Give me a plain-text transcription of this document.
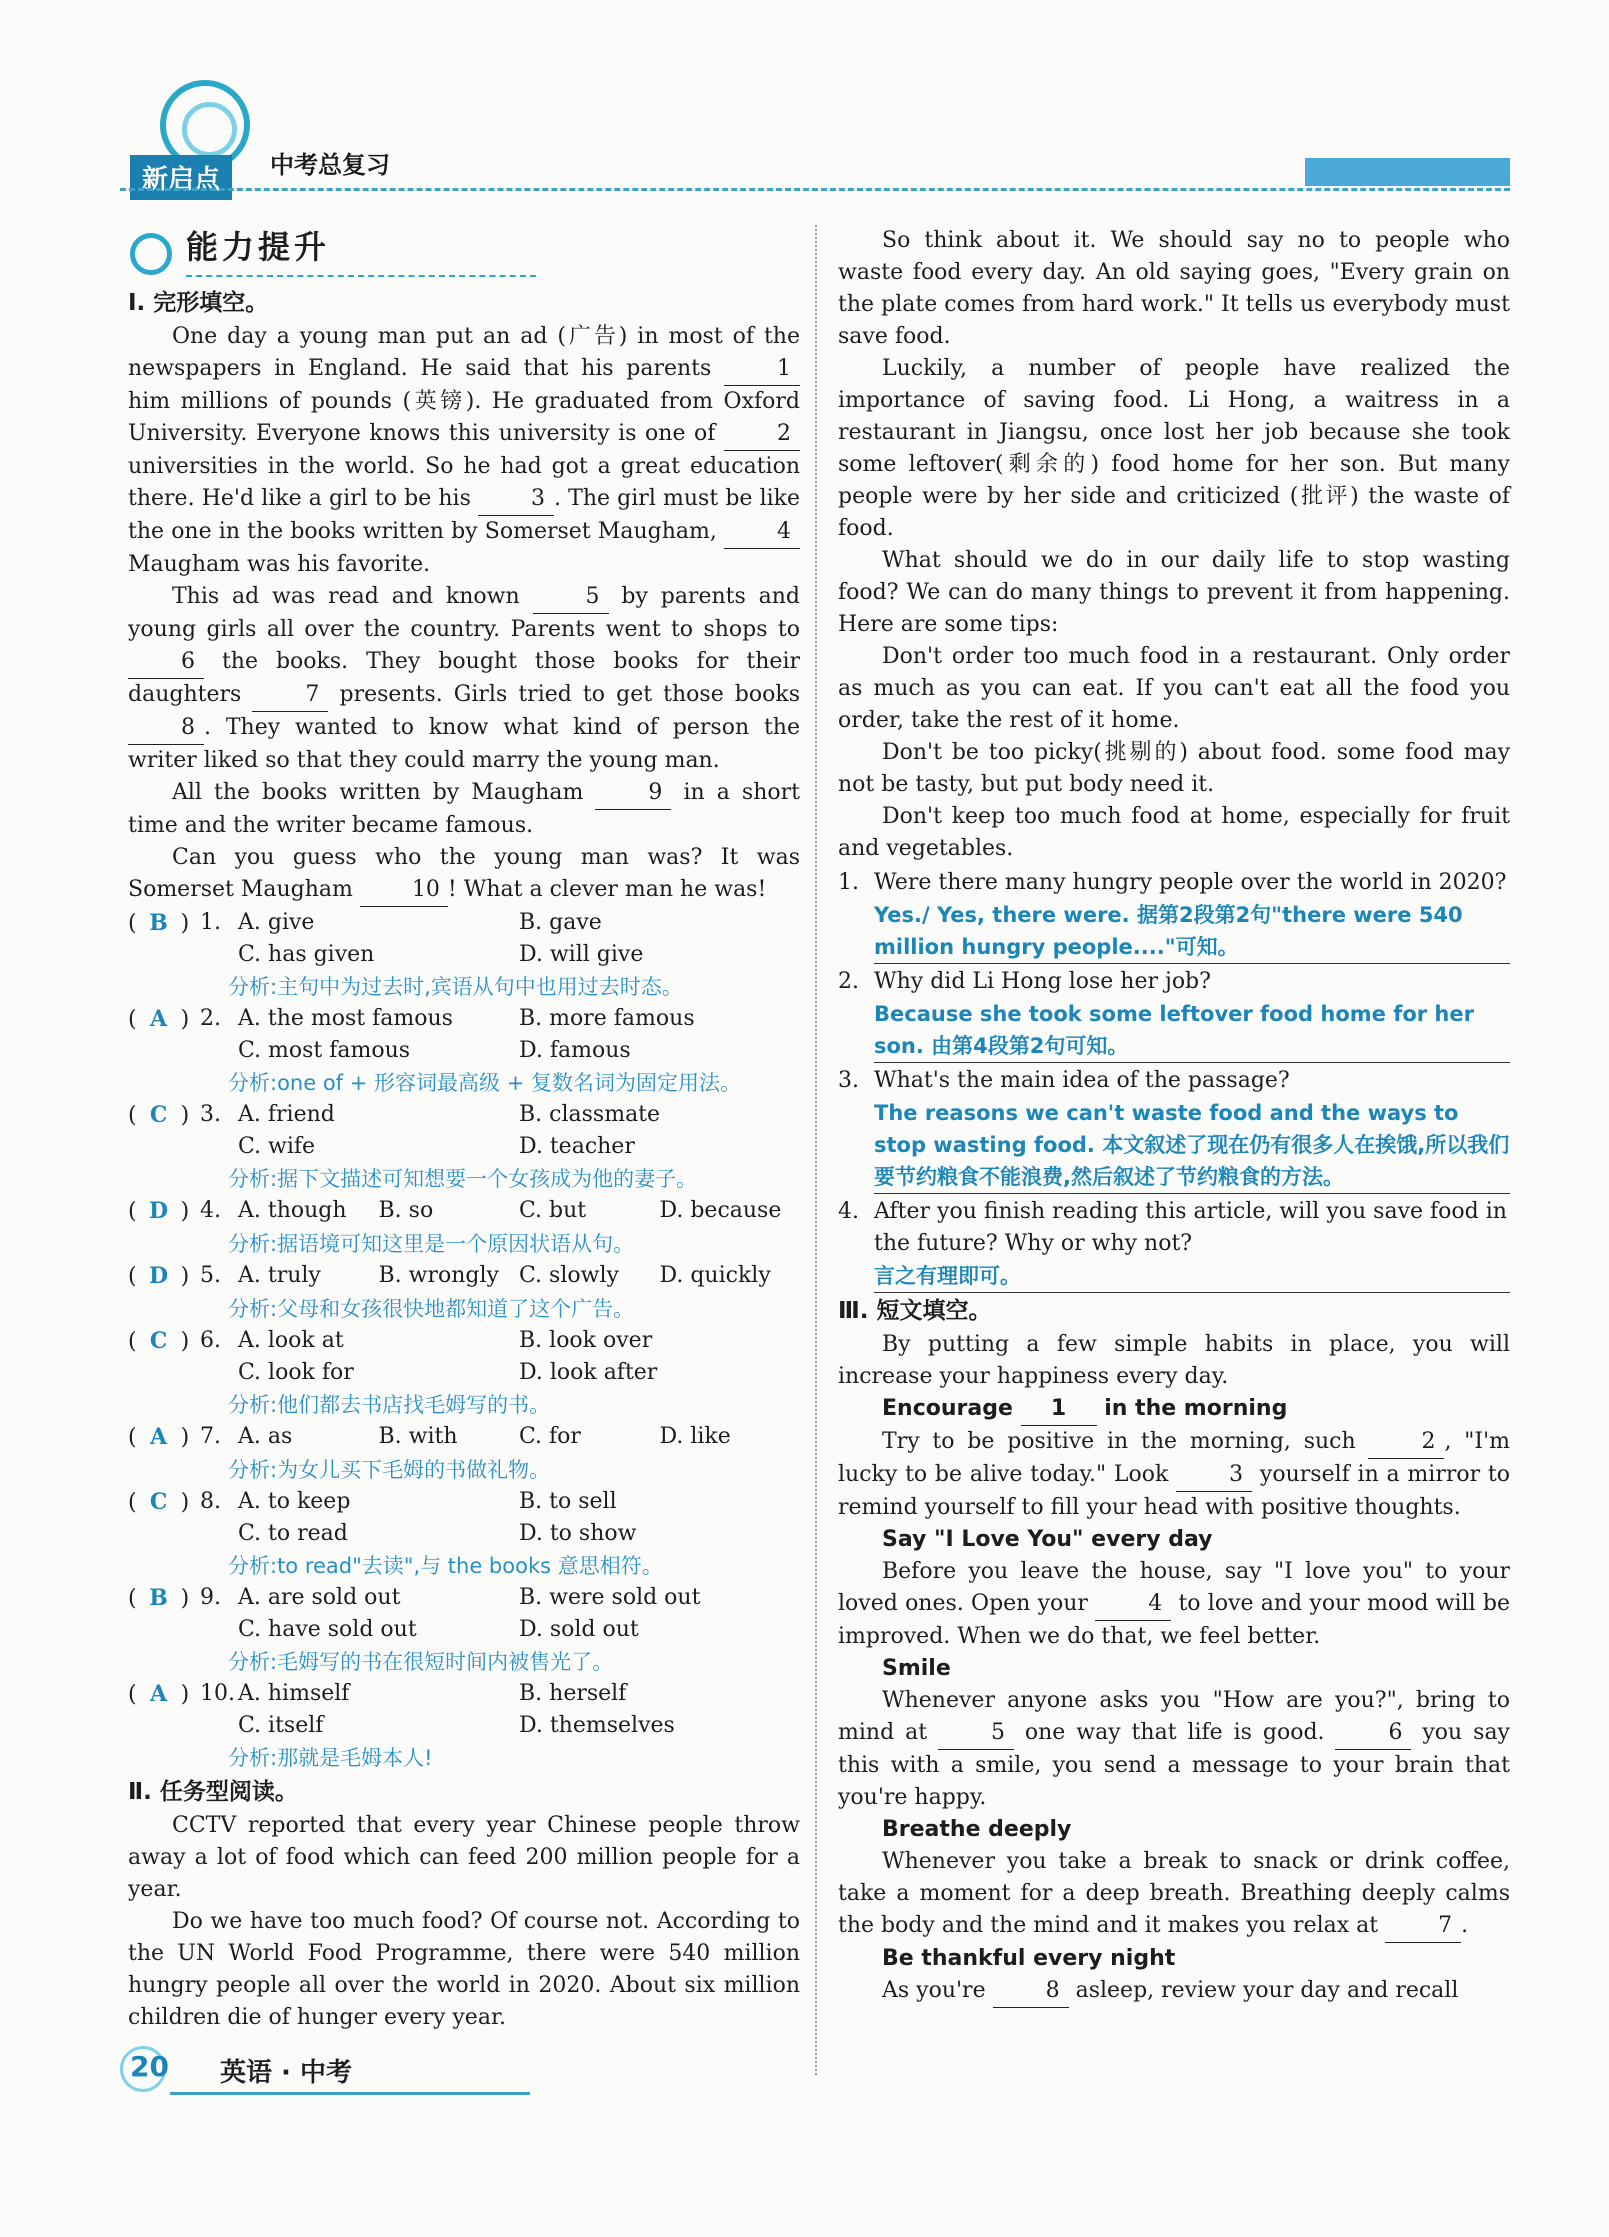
新启点	中考总复习
能力提升
Ⅰ. 完形填空。

One day a young man put an ad (广告) in most of the newspapers in England. He said that his parents 1 him millions of pounds (英镑). He graduated from Oxford University. Everyone knows this university is one of 2 universities in the world. So he had got a great education there. He'd like a girl to be his 3 . The girl must be like the one in the books written by Somerset Maugham, 4 Maugham was his favorite.

This ad was read and known 5 by parents and young girls all over the country. Parents went to shops to 6 the books. They bought those books for their daughters 7 presents. Girls tried to get those books 8 . They wanted to know what kind of person the writer liked so that they could marry the young man.

All the books written by Maugham 9 in a short time and the writer became famous.

Can you guess who the young man was? It was Somerset Maugham 10 ! What a clever man he was!

( B ) 1. A. give	B. gave
C. has given	D. will give
分析:主句中为过去时,宾语从句中也用过去时态。
( A ) 2. A. the most famous	B. more famous
C. most famous	D. famous
分析:one of + 形容词最高级 + 复数名词为固定用法。
( C ) 3. A. friend	B. classmate
C. wife	D. teacher
分析:据下文描述可知想要一个女孩成为他的妻子。
( D ) 4. A. though	B. so	C. but	D. because
分析:据语境可知这里是一个原因状语从句。
( D ) 5. A. truly	B. wrongly C. slowly	D. quickly
分析:父母和女孩很快地都知道了这个广告。
( C ) 6. A. look at	B. look over
C. look for	D. look after
分析:他们都去书店找毛姆写的书。
( A ) 7. A. as	B. with	C. for	D. like
分析:为女儿买下毛姆的书做礼物。
( C ) 8. A. to keep	B. to sell
C. to read	D. to show
分析:to read"去读",与 the books 意思相符。
( B ) 9. A. are sold out	B. were sold out
C. have sold out	D. sold out
分析:毛姆写的书在很短时间内被售光了。
( A ) 10. A. himself	B. herself
C. itself	D. themselves
分析:那就是毛姆本人!
Ⅱ. 任务型阅读。

CCTV reported that every year Chinese people throw away a lot of food which can feed 200 million people for a year.

Do we have too much food? Of course not. According to the UN World Food Programme, there were 540 million hungry people all over the world in 2020. About six million children die of hunger every year.

So think about it. We should say no to people who waste food every day. An old saying goes, "Every grain on the plate comes from hard work." It tells us everybody must save food.

Luckily, a number of people have realized the importance of saving food. Li Hong, a waitress in a restaurant in Jiangsu, once lost her job because she took some leftover(剩余的) food home for her son. But many people were by her side and criticized (批评) the waste of food.

What should we do in our daily life to stop wasting food? We can do many things to prevent it from happening. Here are some tips:

Don't order too much food in a restaurant. Only order as much as you can eat. If you can't eat all the food you order, take the rest of it home.

Don't be too picky(挑剔的) about food. some food may not be tasty, but put body need it.

Don't keep too much food at home, especially for fruit and vegetables.

1. Were there many hungry people over the world in 2020?
Yes./ Yes, there were. 据第2段第2句"there were 540 million hungry people...."可知。
2. Why did Li Hong lose her job?
Because she took some leftover food home for her son. 由第4段第2句可知。
3. What's the main idea of the passage?
The reasons we can't waste food and the ways to stop wasting food. 本文叙述了现在仍有很多人在挨饿,所以我们要节约粮食不能浪费,然后叙述了节约粮食的方法。
4. After you finish reading this article, will you save food in the future? Why or why not?
言之有理即可。
Ⅲ. 短文填空。

By putting a few simple habits in place, you will increase your happiness every day.

Encourage 1 in the morning

Try to be positive in the morning, such 2 , "I'm lucky to be alive today." Look 3 yourself in a mirror to remind yourself to fill your head with positive thoughts.

Say "I Love You" every day

Before you leave the house, say "I love you" to your loved ones. Open your 4 to love and your mood will be improved. When we do that, we feel better.

Smile

Whenever anyone asks you "How are you?", bring to mind at 5 one way that life is good. 6 you say this with a smile, you send a message to your brain that you're happy.

Breathe deeply

Whenever you take a break to snack or drink coffee, take a moment for a deep breath. Breathing deeply calms the body and the mind and it makes you relax at 7 .

Be thankful every night

As you're 8 asleep, review your day and recall

20 英语 · 中考
